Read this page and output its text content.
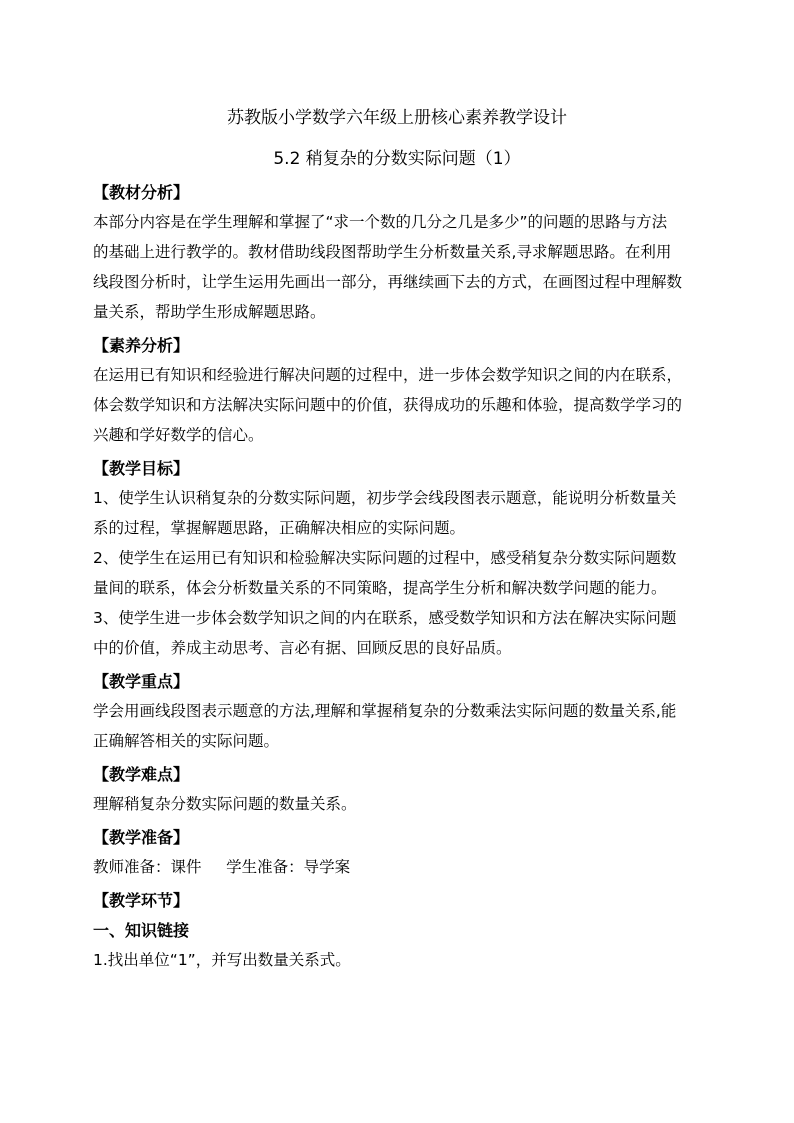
苏教版小学数学六年级上册核心素养教学设计
5.2 稍复杂的分数实际问题（1）
【教材分析】
本部分内容是在学生理解和掌握了“求一个数的几分之几是多少”的问题的思路与方法
的基础上进行教学的。教材借助线段图帮助学生分析数量关系,寻求解题思路。在利用
线段图分析时，让学生运用先画出一部分，再继续画下去的方式，在画图过程中理解数
量关系，帮助学生形成解题思路。
【素养分析】
在运用已有知识和经验进行解决问题的过程中，进一步体会数学知识之间的内在联系，
体会数学知识和方法解决实际问题中的价值，获得成功的乐趣和体验，提高数学学习的
兴趣和学好数学的信心。
【教学目标】
1、使学生认识稍复杂的分数实际问题，初步学会线段图表示题意，能说明分析数量关
系的过程，掌握解题思路，正确解决相应的实际问题。
2、使学生在运用已有知识和检验解决实际问题的过程中，感受稍复杂分数实际问题数
量间的联系，体会分析数量关系的不同策略，提高学生分析和解决数学问题的能力。
3、使学生进一步体会数学知识之间的内在联系，感受数学知识和方法在解决实际问题
中的价值，养成主动思考、言必有据、回顾反思的良好品质。
【教学重点】
学会用画线段图表示题意的方法,理解和掌握稍复杂的分数乘法实际问题的数量关系,能
正确解答相关的实际问题。
【教学难点】
理解稍复杂分数实际问题的数量关系。
【教学准备】
教师准备：课件     学生准备：导学案
【教学环节】
一、知识链接
1.找出单位“1”，并写出数量关系式。
